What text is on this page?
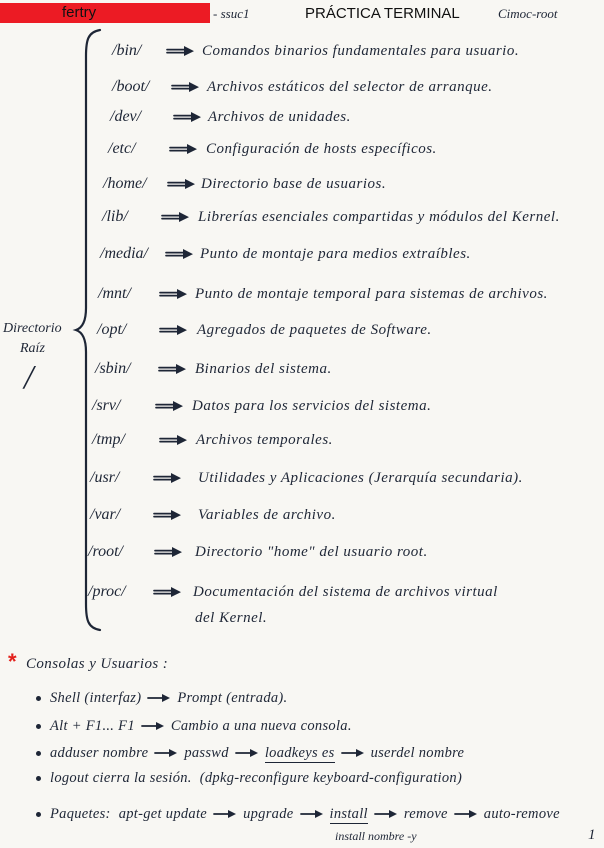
fertry	- ssuc1	PRÁCTICA TERMINAL	Cimoc-root
Directorio
Raíz
/
/bin/	Comandos binarios fundamentales para usuario.
/boot/	Archivos estáticos del selector de arranque.
/dev/	Archivos de unidades.
/etc/	Configuración de hosts específicos.
/home/	Directorio base de usuarios.
/lib/	Librerías esenciales compartidas y módulos del Kernel.
/media/	Punto de montaje para medios extraíbles.
/mnt/	Punto de montaje temporal para sistemas de archivos.
/opt/	Agregados de paquetes de Software.
/sbin/	Binarios del sistema.
/srv/	Datos para los servicios del sistema.
/tmp/	Archivos temporales.
/usr/	Utilidades y Aplicaciones (Jerarquía secundaria).
/var/	Variables de archivo.
/root/	Directorio "home" del usuario root.
/proc/	Documentación del sistema de archivos virtual
del Kernel.
* Consolas y Usuarios :
Shell (interfaz) Prompt (entrada).
Alt + F1... F1 Cambio a una nueva consola.
adduser nombre passwd loadkeys es userdel nombre
logout cierra la sesión. (dpkg-reconfigure keyboard-configuration)
Paquetes: apt-get update upgrade install remove auto-remove
install nombre -y	1
